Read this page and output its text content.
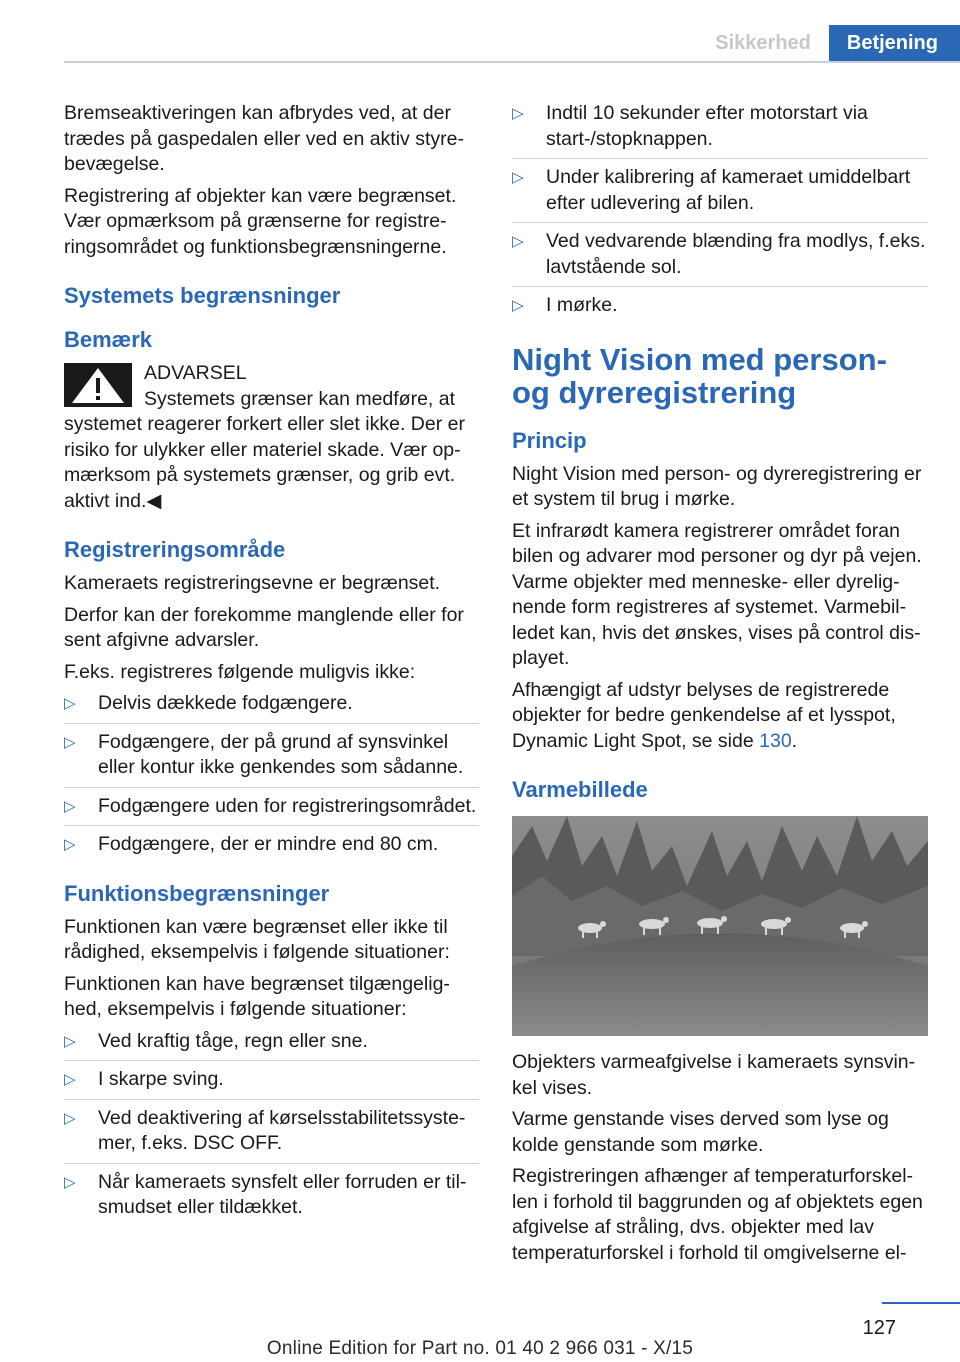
Sikkerhed	Betjening

Bremseaktiveringen kan afbrydes ved, at der trædes på gaspedalen eller ved en aktiv styrebevægelse.

Registrering af objekter kan være begrænset. Vær opmærksom på grænserne for registreringsområdet og funktionsbegrænsningerne.

Systemets begrænsninger
Bemærk
ADVARSEL
Systemets grænser kan medføre, at systemet reagerer forkert eller slet ikke. Der er risiko for ulykker eller materiel skade. Vær opmærksom på systemets grænser, og grib evt. aktivt ind.◀
Registreringsområde

Kameraets registreringsevne er begrænset.

Derfor kan der forekomme manglende eller for sent afgivne advarsler.

F.eks. registreres følgende muligvis ikke:

▷ Delvis dækkede fodgængere.
▷ Fodgængere, der på grund af synsvinkel eller kontur ikke genkendes som sådanne.
▷ Fodgængere uden for registreringsområdet.
▷ Fodgængere, der er mindre end 80 cm.
Funktionsbegrænsninger

Funktionen kan være begrænset eller ikke til rådighed, eksempelvis i følgende situationer:

Funktionen kan have begrænset tilgængelighed, eksempelvis i følgende situationer:

▷ Ved kraftig tåge, regn eller sne.
▷ I skarpe sving.
▷ Ved deaktivering af kørselsstabilitetssystemer, f.eks. DSC OFF.
▷ Når kameraets synsfelt eller forruden er tilsmudset eller tildækket.
▷ Indtil 10 sekunder efter motorstart via start-/stopknappen.
▷ Under kalibrering af kameraet umiddelbart efter udlevering af bilen.
▷ Ved vedvarende blænding fra modlys, f.eks. lavtstående sol.
▷ I mørke.
Night Vision med person- og dyreregistrering
Princip

Night Vision med person- og dyreregistrering er et system til brug i mørke.

Et infrarødt kamera registrerer området foran bilen og advarer mod personer og dyr på vejen. Varme objekter med menneske- eller dyrelignende form registreres af systemet. Varmebilledet kan, hvis det ønskes, vises på control displayet.

Afhængigt af udstyr belyses de registrerede objekter for bedre genkendelse af et lysspot, Dynamic Light Spot, se side 130.

Varmebillede

Objekters varmeafgivelse i kameraets synsvinkel vises.

Varme genstande vises derved som lyse og kolde genstande som mørke.

Registreringen afhænger af temperaturforskellen i forhold til baggrunden og af objektets egen afgivelse af stråling, dvs. objekter med lav temperaturforskel i forhold til omgivelserne el-

127
Online Edition for Part no. 01 40 2 966 031 - X/15
